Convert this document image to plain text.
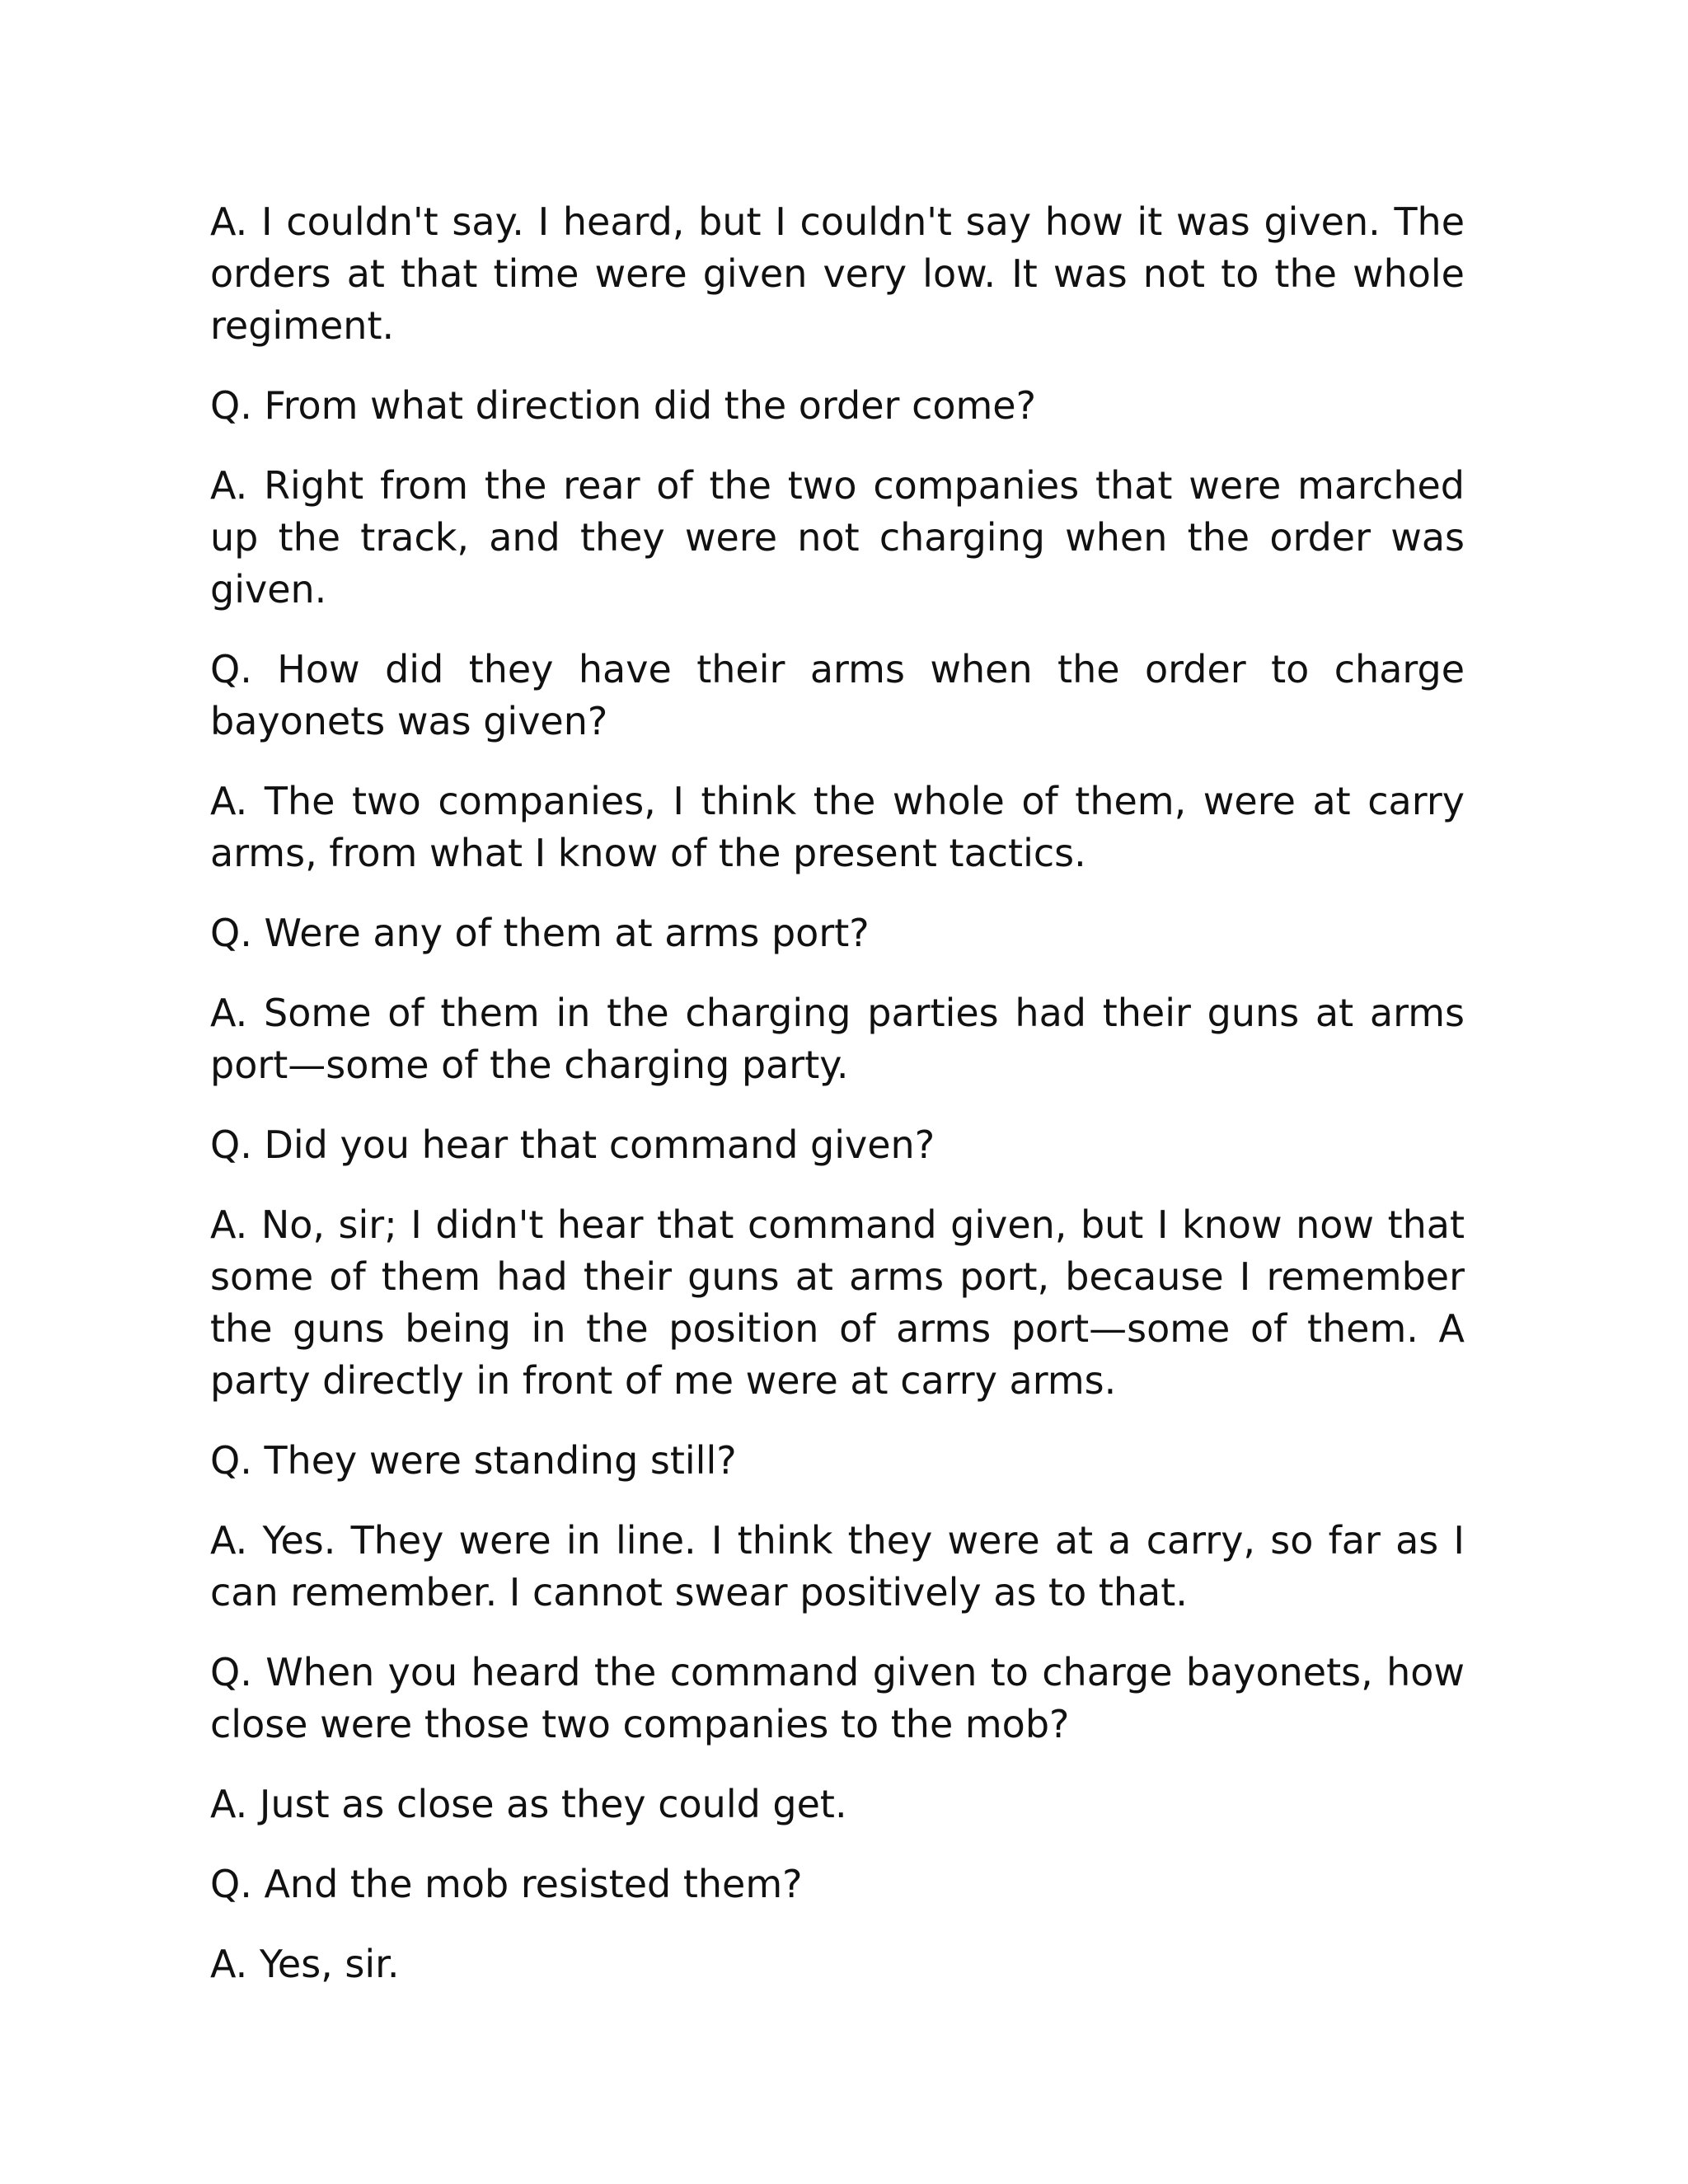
A. I couldn't say. I heard, but I couldn't say how it was given. The orders at that time were given very low. It was not to the whole regiment.

Q. From what direction did the order come?

A. Right from the rear of the two companies that were marched up the track, and they were not charging when the order was given.

Q. How did they have their arms when the order to charge bayonets was given?

A. The two companies, I think the whole of them, were at carry arms, from what I know of the present tactics.

Q. Were any of them at arms port?

A. Some of them in the charging parties had their guns at arms port—some of the charging party.

Q. Did you hear that command given?

A. No, sir; I didn't hear that command given, but I know now that some of them had their guns at arms port, because I remember the guns being in the position of arms port—some of them. A party directly in front of me were at carry arms.

Q. They were standing still?

A. Yes. They were in line. I think they were at a carry, so far as I can remember. I cannot swear positively as to that.

Q. When you heard the command given to charge bayonets, how close were those two companies to the mob?

A. Just as close as they could get.

Q. And the mob resisted them?

A. Yes, sir.
